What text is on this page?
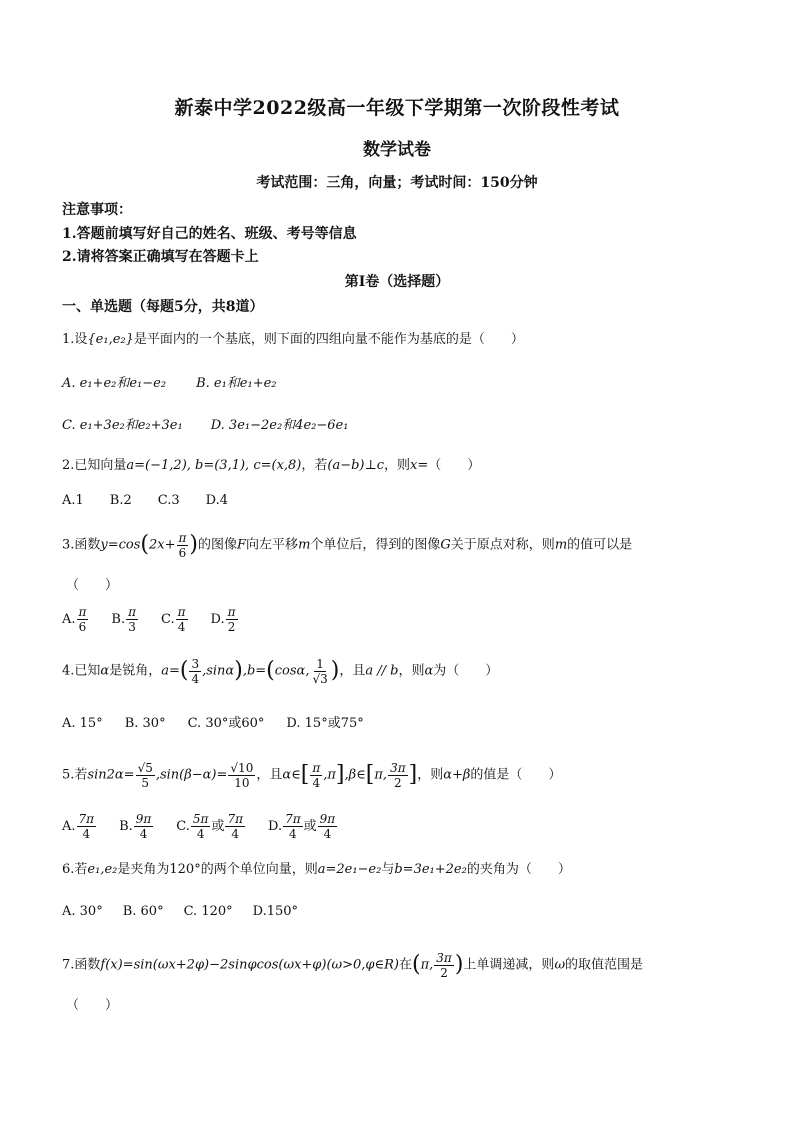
新泰中学2022级高一年级下学期第一次阶段性考试
数学试卷
考试范围：三角，向量；考试时间：150分钟
注意事项：
1.答题前填写好自己的姓名、班级、考号等信息
2.请将答案正确填写在答题卡上
第I卷（选择题）
一、单选题（每题5分，共8道）
1.设{e₁,e₂}是平面内的一个基底，则下面的四组向量不能作为基底的是（　　）
A. e₁+e₂和e₁−e₂ B. e₁和e₁+e₂
C. e₁+3e₂和e₂+3e₁ D. 3e₁−2e₂和4e₂−6e₁
2.已知向量a=(−1,2), b=(3,1), c=(x,8)，若(a−b)⊥c，则x=（　　）
A.1 B.2 C.3 D.4
3.函数$y=\cos(2x+ \frac{\pi}{6}$ )的图像F向左平移m个单位后，得到的图像G关于原点对称，则m的值可以是
（　　）
A. $\frac{\pi}{6} B$. $\frac{\pi}{3} C$. $\frac{\pi}{4} D$. $\frac{\pi}{2}$
4.已知α是锐角，$a=( \frac{3}{4} ,\sin\alpha),b=(\cos\alpha$, $\frac{1}{√3}$ )，且a // b，则α为（　　）
A. 15° B. 30° C. 30°或60° D. 15°或75°
5.若$\sin 2\alpha= \frac{√5}{5} ,\sin(\beta-\alpha)= \frac{√10}{10}$ ，且α∈[ $\frac{\pi}{4}$ ,π],β∈[π, $\frac{3\pi}{2}$ ]，则α+β的值是（　　）
A. $\frac{7\pi}{4} B$. $\frac{9\pi}{4} C$. $\frac{5\pi}{4}$ 或 $\frac{7\pi}{4} D$. $\frac{7\pi}{4}$ 或 $\frac{9\pi}{4}$
6.若e₁,e₂是夹角为120°的两个单位向量，则a=2e₁−e₂与b=3e₁+2e₂的夹角为（　　）
A. 30° B. 60° C. 120° D.150°
7.函数f(x)=sin(ωx+2φ)−2sinφcos(ωx+φ)(ω>0,φ∈R)在(π, $\frac{3\pi}{2}$ )上单调递减，则ω的取值范围是
（　　）
